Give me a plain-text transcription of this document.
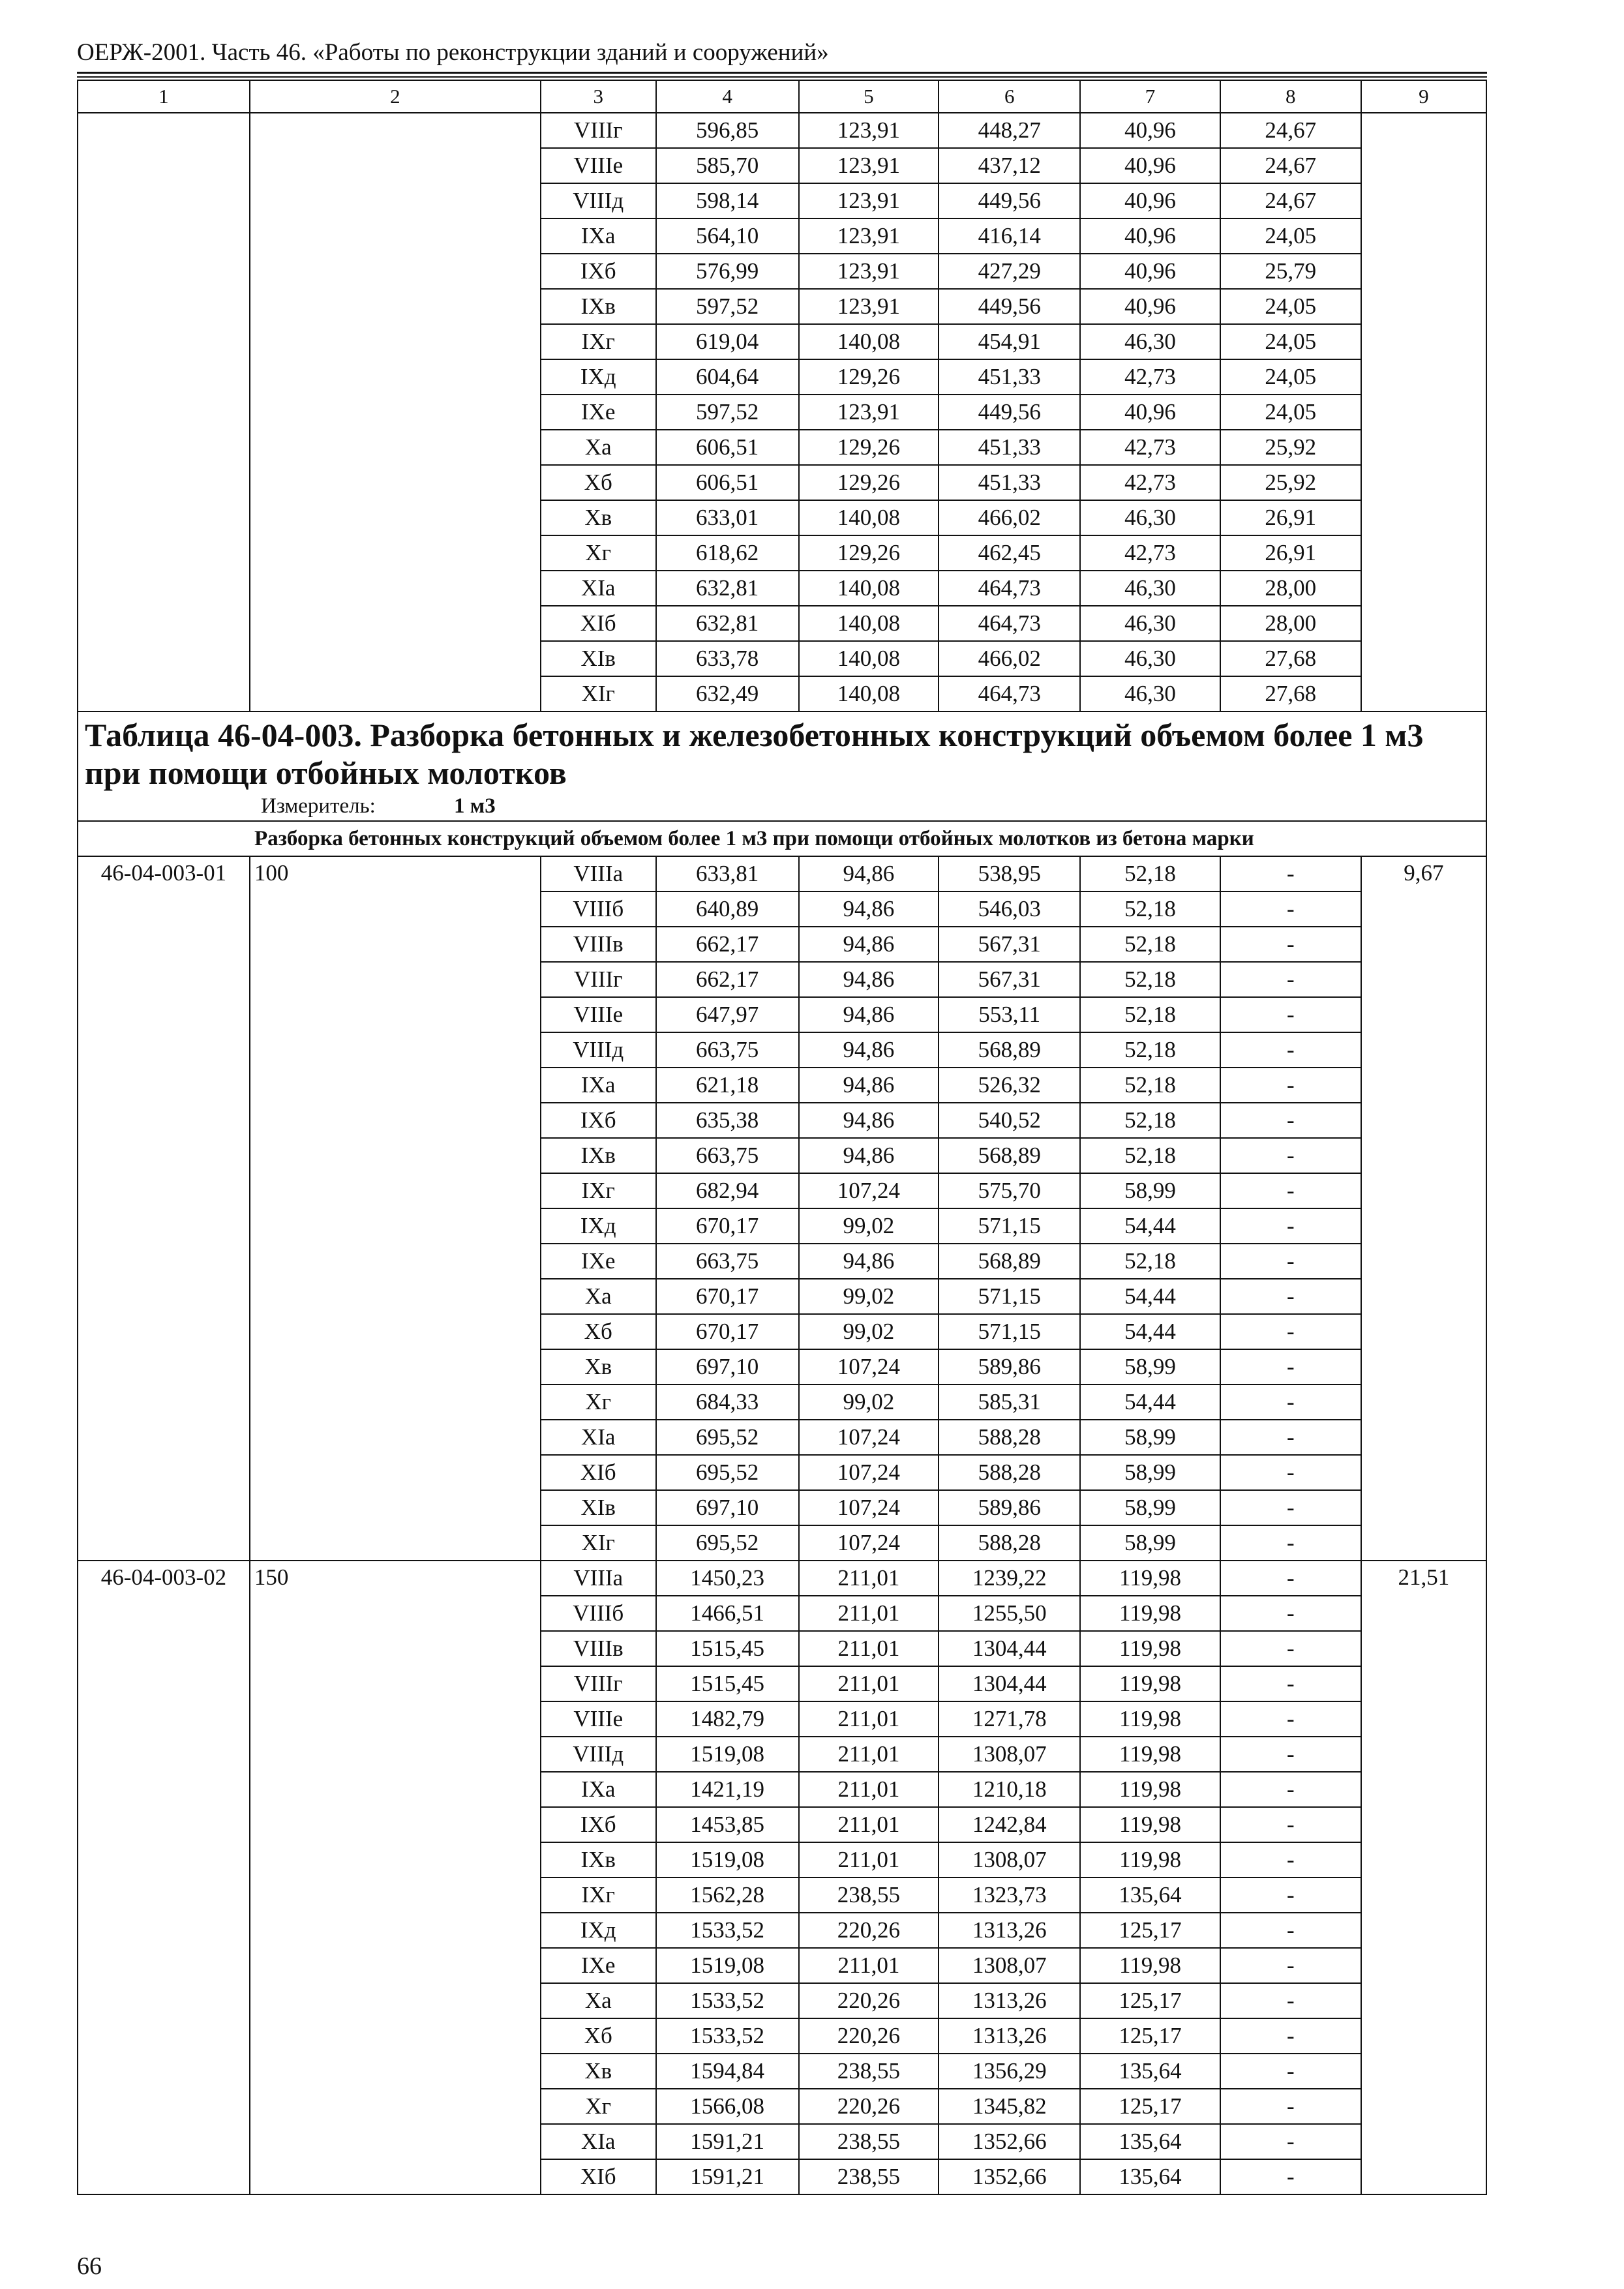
ОЕРЖ-2001. Часть 46. «Работы по реконструкции зданий и сооружений»
1	2	3	4	5	6	7	8	9
		VIIIг	596,85	123,91	448,27	40,96	24,67	
		VIIIе	585,70	123,91	437,12	40,96	24,67	
		VIIIд	598,14	123,91	449,56	40,96	24,67	
		IXа	564,10	123,91	416,14	40,96	24,05	
		IXб	576,99	123,91	427,29	40,96	25,79	
		IXв	597,52	123,91	449,56	40,96	24,05	
		IXг	619,04	140,08	454,91	46,30	24,05	
		IXд	604,64	129,26	451,33	42,73	24,05	
		IXе	597,52	123,91	449,56	40,96	24,05	
		Xа	606,51	129,26	451,33	42,73	25,92	
		Xб	606,51	129,26	451,33	42,73	25,92	
		Xв	633,01	140,08	466,02	46,30	26,91	
		Xг	618,62	129,26	462,45	42,73	26,91	
		XIа	632,81	140,08	464,73	46,30	28,00	
		XIб	632,81	140,08	464,73	46,30	28,00	
		XIв	633,78	140,08	466,02	46,30	27,68	
		XIг	632,49	140,08	464,73	46,30	27,68	

Таблица 46-04-003. Разборка бетонных и железобетонных конструкций объемом более 1 м3 при помощи отбойных молотков
Измеритель: 1 м3								

Разборка бетонных конструкций объемом более 1 м3 при помощи отбойных молотков из бетона марки								
46-04-003-01	100	VIIIа	633,81	94,86	538,95	52,18	-	9,67
		VIIIб	640,89	94,86	546,03	52,18	-	
		VIIIв	662,17	94,86	567,31	52,18	-	
		VIIIг	662,17	94,86	567,31	52,18	-	
		VIIIе	647,97	94,86	553,11	52,18	-	
		VIIIд	663,75	94,86	568,89	52,18	-	
		IXа	621,18	94,86	526,32	52,18	-	
		IXб	635,38	94,86	540,52	52,18	-	
		IXв	663,75	94,86	568,89	52,18	-	
		IXг	682,94	107,24	575,70	58,99	-	
		IXд	670,17	99,02	571,15	54,44	-	
		IXе	663,75	94,86	568,89	52,18	-	
		Xа	670,17	99,02	571,15	54,44	-	
		Xб	670,17	99,02	571,15	54,44	-	
		Xв	697,10	107,24	589,86	58,99	-	
		Xг	684,33	99,02	585,31	54,44	-	
		XIа	695,52	107,24	588,28	58,99	-	
		XIб	695,52	107,24	588,28	58,99	-	
		XIв	697,10	107,24	589,86	58,99	-	
		XIг	695,52	107,24	588,28	58,99	-	
46-04-003-02	150	VIIIа	1450,23	211,01	1239,22	119,98	-	21,51
		VIIIб	1466,51	211,01	1255,50	119,98	-	
		VIIIв	1515,45	211,01	1304,44	119,98	-	
		VIIIг	1515,45	211,01	1304,44	119,98	-	
		VIIIе	1482,79	211,01	1271,78	119,98	-	
		VIIIд	1519,08	211,01	1308,07	119,98	-	
		IXа	1421,19	211,01	1210,18	119,98	-	
		IXб	1453,85	211,01	1242,84	119,98	-	
		IXв	1519,08	211,01	1308,07	119,98	-	
		IXг	1562,28	238,55	1323,73	135,64	-	
		IXд	1533,52	220,26	1313,26	125,17	-	
		IXе	1519,08	211,01	1308,07	119,98	-	
		Xа	1533,52	220,26	1313,26	125,17	-	
		Xб	1533,52	220,26	1313,26	125,17	-	
		Xв	1594,84	238,55	1356,29	135,64	-	
		Xг	1566,08	220,26	1345,82	125,17	-	
		XIа	1591,21	238,55	1352,66	135,64	-	
		XIб	1591,21	238,55	1352,66	135,64	-	
66
